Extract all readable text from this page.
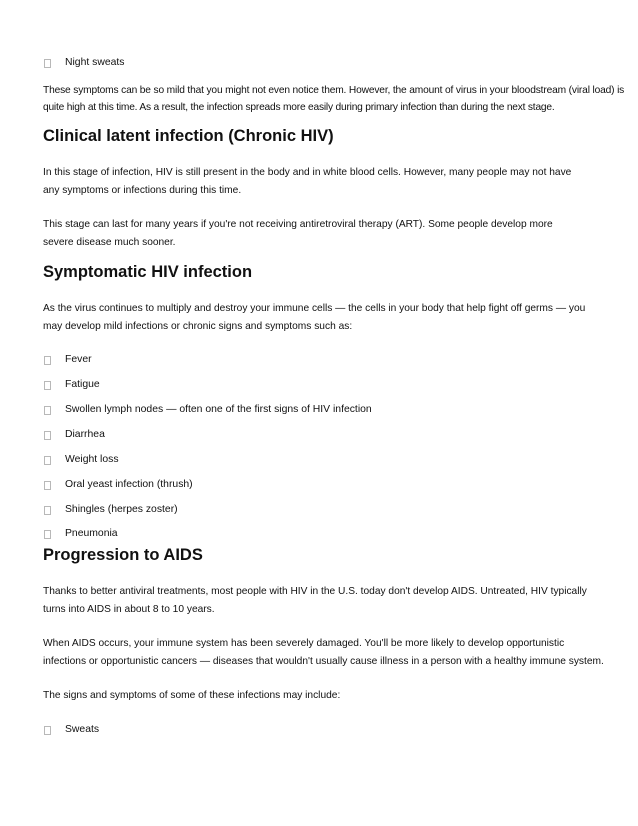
Night sweats

These symptoms can be so mild that you might not even notice them. However, the amount of virus in your bloodstream (viral load) is

quite high at this time. As a result, the infection spreads more easily during primary infection than during the next stage.

Clinical latent infection (Chronic HIV)

In this stage of infection, HIV is still present in the body and in white blood cells. However, many people may not have

any symptoms or infections during this time.

This stage can last for many years if you're not receiving antiretroviral therapy (ART). Some people develop more

severe disease much sooner.

Symptomatic HIV infection

As the virus continues to multiply and destroy your immune cells — the cells in your body that help fight off germs — you

may develop mild infections or chronic signs and symptoms such as:

Fever
Fatigue
Swollen lymph nodes — often one of the first signs of HIV infection
Diarrhea
Weight loss
Oral yeast infection (thrush)
Shingles (herpes zoster)
Pneumonia
Progression to AIDS

Thanks to better antiviral treatments, most people with HIV in the U.S. today don't develop AIDS. Untreated, HIV typically

turns into AIDS in about 8 to 10 years.

When AIDS occurs, your immune system has been severely damaged. You'll be more likely to develop opportunistic

infections or opportunistic cancers — diseases that wouldn't usually cause illness in a person with a healthy immune system.

The signs and symptoms of some of these infections may include:

Sweats
